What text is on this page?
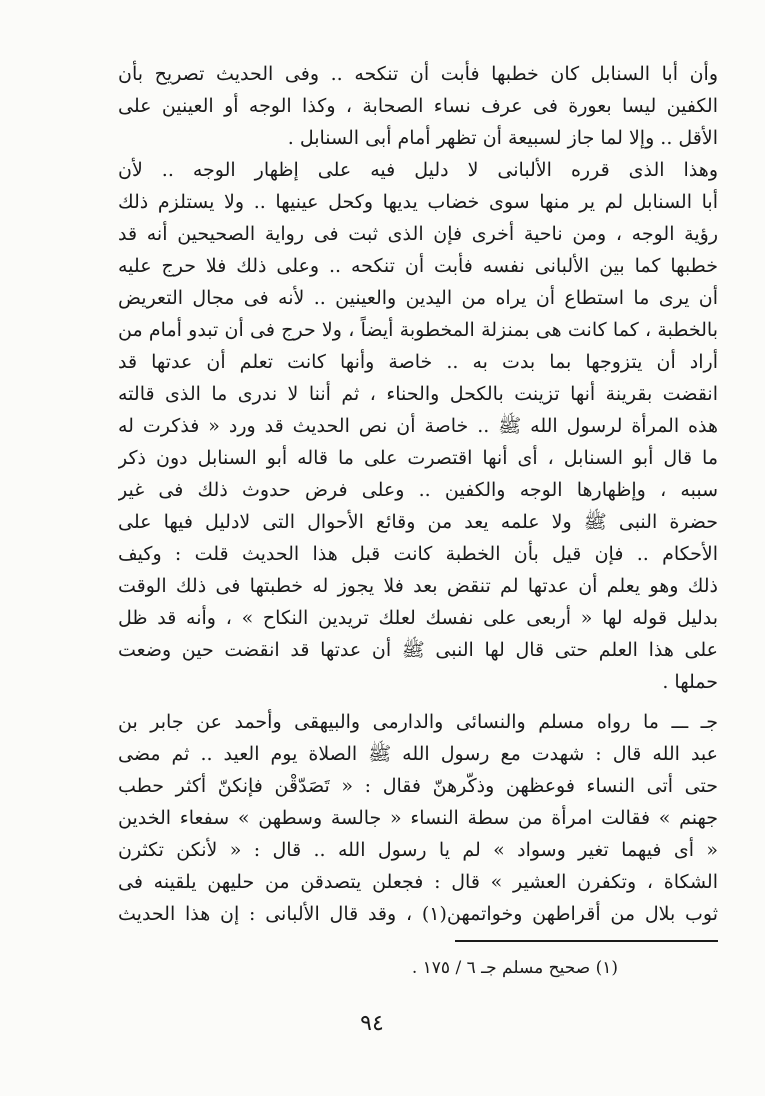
وأن أبا السنابل كان خطبها فأبت أن تنكحه .. وفى الحديث تصريح بأن
الكفين ليسا بعورة فى عرف نساء الصحابة ، وكذا الوجه أو العينين على
الأقل .. وإلا لما جاز لسبيعة أن تظهر أمام أبى السنابل .
وهذا الذى قرره الألبانى لا دليل فيه على إظهار الوجه .. لأن
أبا السنابل لم ير منها سوى خضاب يديها وكحل عينيها .. ولا يستلزم ذلك
رؤية الوجه ، ومن ناحية أخرى فإن الذى ثبت فى رواية الصحيحين أنه قد
خطبها كما بين الألبانى نفسه فأبت أن تنكحه .. وعلى ذلك فلا حرج عليه
أن يرى ما استطاع أن يراه من اليدين والعينين .. لأنه فى مجال التعريض
بالخطبة ، كما كانت هى بمنزلة المخطوبة أيضاً ، ولا حرج فى أن تبدو أمام من
أراد أن يتزوجها بما بدت به .. خاصة وأنها كانت تعلم أن عدتها قد
انقضت بقرينة أنها تزينت بالكحل والحناء ، ثم أننا لا ندرى ما الذى قالته
هذه المرأة لرسول الله ﷺ .. خاصة أن نص الحديث قد ورد « فذكرت له
ما قال أبو السنابل ، أى أنها اقتصرت على ما قاله أبو السنابل دون ذكر
سببه ، وإظهارها الوجه والكفين .. وعلى فرض حدوث ذلك فى غير
حضرة النبى ﷺ ولا علمه يعد من وقائع الأحوال التى لادليل فيها على
الأحكام .. فإن قيل بأن الخطبة كانت قبل هذا الحديث قلت : وكيف
ذلك وهو يعلم أن عدتها لم تنقض بعد فلا يجوز له خطبتها فى ذلك الوقت
بدليل قوله لها « أربعى على نفسك لعلك تريدين النكاح » ، وأنه قد ظل
على هذا العلم حتى قال لها النبى ﷺ أن عدتها قد انقضت حين وضعت
حملها .
جـ ـــ ما رواه مسلم والنسائى والدارمى والبيهقى وأحمد عن جابر بن
عبد الله قال : شهدت مع رسول الله ﷺ الصلاة يوم العيد .. ثم مضى
حتى أتى النساء فوعظهن وذكّرهنّ فقال : « تَصَدّقْن فإنكنّ أكثر حطب
جهنم » فقالت امرأة من سطة النساء « جالسة وسطهن » سفعاء الخدين
« أى فيهما تغير وسواد » لم يا رسول الله .. قال : « لأنكن تكثرن
الشكاة ، وتكفرن العشير » قال : فجعلن يتصدقن من حليهن يلقينه فى
ثوب بلال من أقراطهن وخواتمهن(١) ، وقد قال الألبانى : إن هذا الحديث
(١) صحيح مسلم جـ ٦ / ١٧٥ .
٩٤
